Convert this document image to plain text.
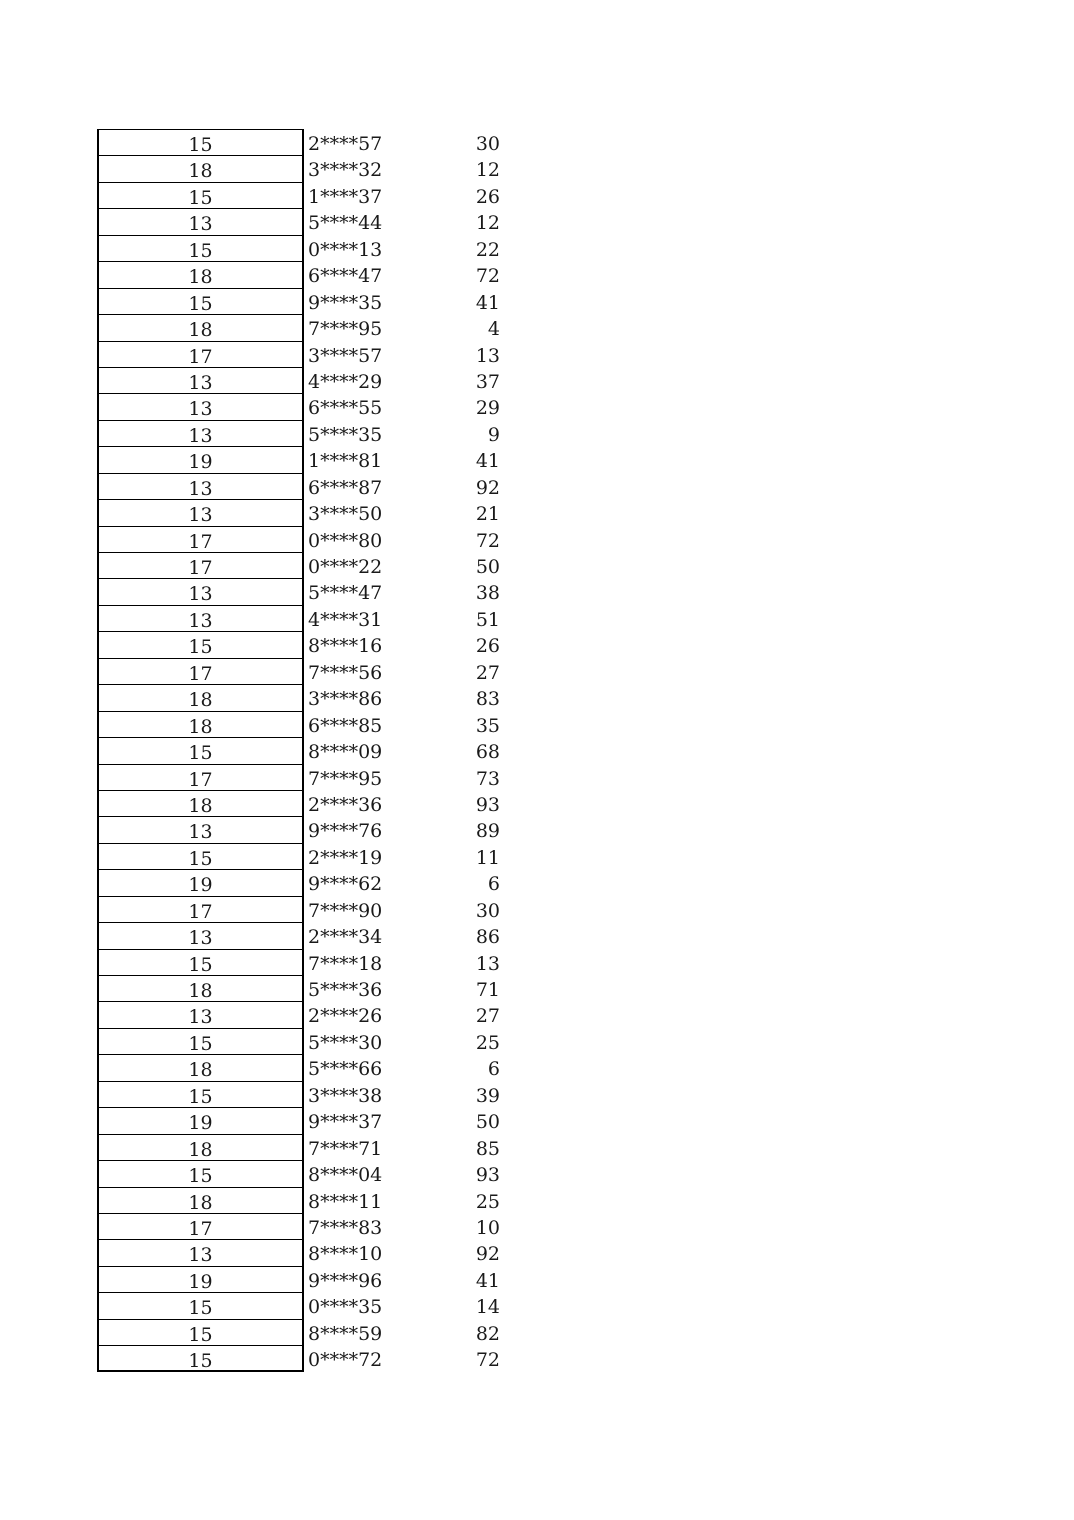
15	2****57	30
18	3****32	12
15	1****37	26
13	5****44	12
15	0****13	22
18	6****47	72
15	9****35	41
18	7****95	4
17	3****57	13
13	4****29	37
13	6****55	29
13	5****35	9
19	1****81	41
13	6****87	92
13	3****50	21
17	0****80	72
17	0****22	50
13	5****47	38
13	4****31	51
15	8****16	26
17	7****56	27
18	3****86	83
18	6****85	35
15	8****09	68
17	7****95	73
18	2****36	93
13	9****76	89
15	2****19	11
19	9****62	6
17	7****90	30
13	2****34	86
15	7****18	13
18	5****36	71
13	2****26	27
15	5****30	25
18	5****66	6
15	3****38	39
19	9****37	50
18	7****71	85
15	8****04	93
18	8****11	25
17	7****83	10
13	8****10	92
19	9****96	41
15	0****35	14
15	8****59	82
15	0****72	72
